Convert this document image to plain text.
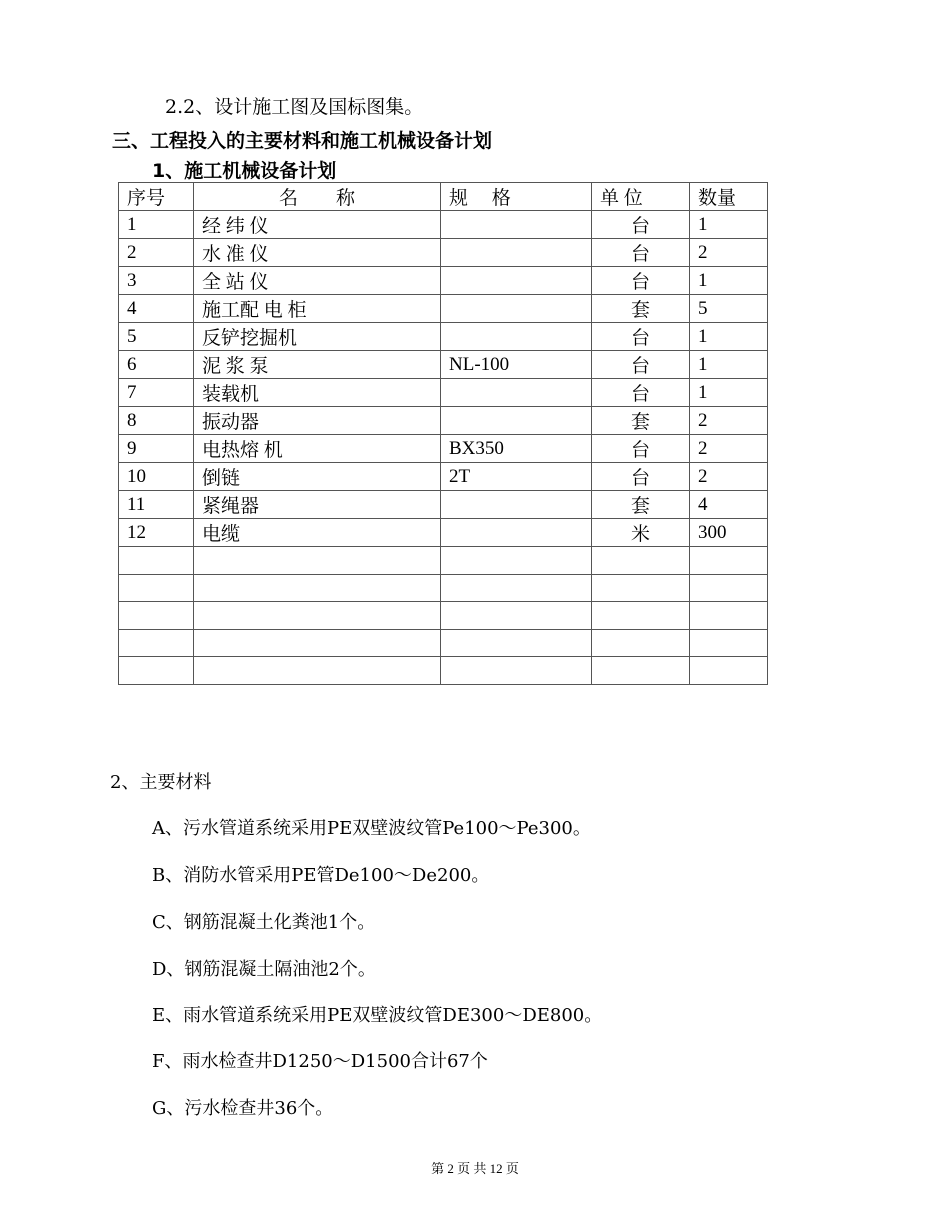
2.2、设计施工图及国标图集。
三、工程投入的主要材料和施工机械设备计划
1、施工机械设备计划
序号	名　　称	规　 格	单 位	数量
1	经 纬 仪		台	1
2	水 准 仪		台	2
3	全 站 仪		台	1
4	施工配 电 柜		套	5
5	反铲挖掘机		台	1
6	泥 浆 泵	NL-100	台	1
7	装载机		台	1
8	振动器		套	2
9	电热熔 机	BX350	台	2
10	倒链	2T	台	2
11	紧绳器		套	4
12	电缆		米	300

2、主要材料
A、污水管道系统采用PE双壁波纹管Pe100～Pe300。
B、消防水管采用PE管De100～De200。
C、钢筋混凝土化粪池1个。
D、钢筋混凝土隔油池2个。
E、雨水管道系统采用PE双壁波纹管DE300～DE800。
F、雨水检查井D1250～D1500合计67个
G、污水检查井36个。
第 2 页 共 12 页
